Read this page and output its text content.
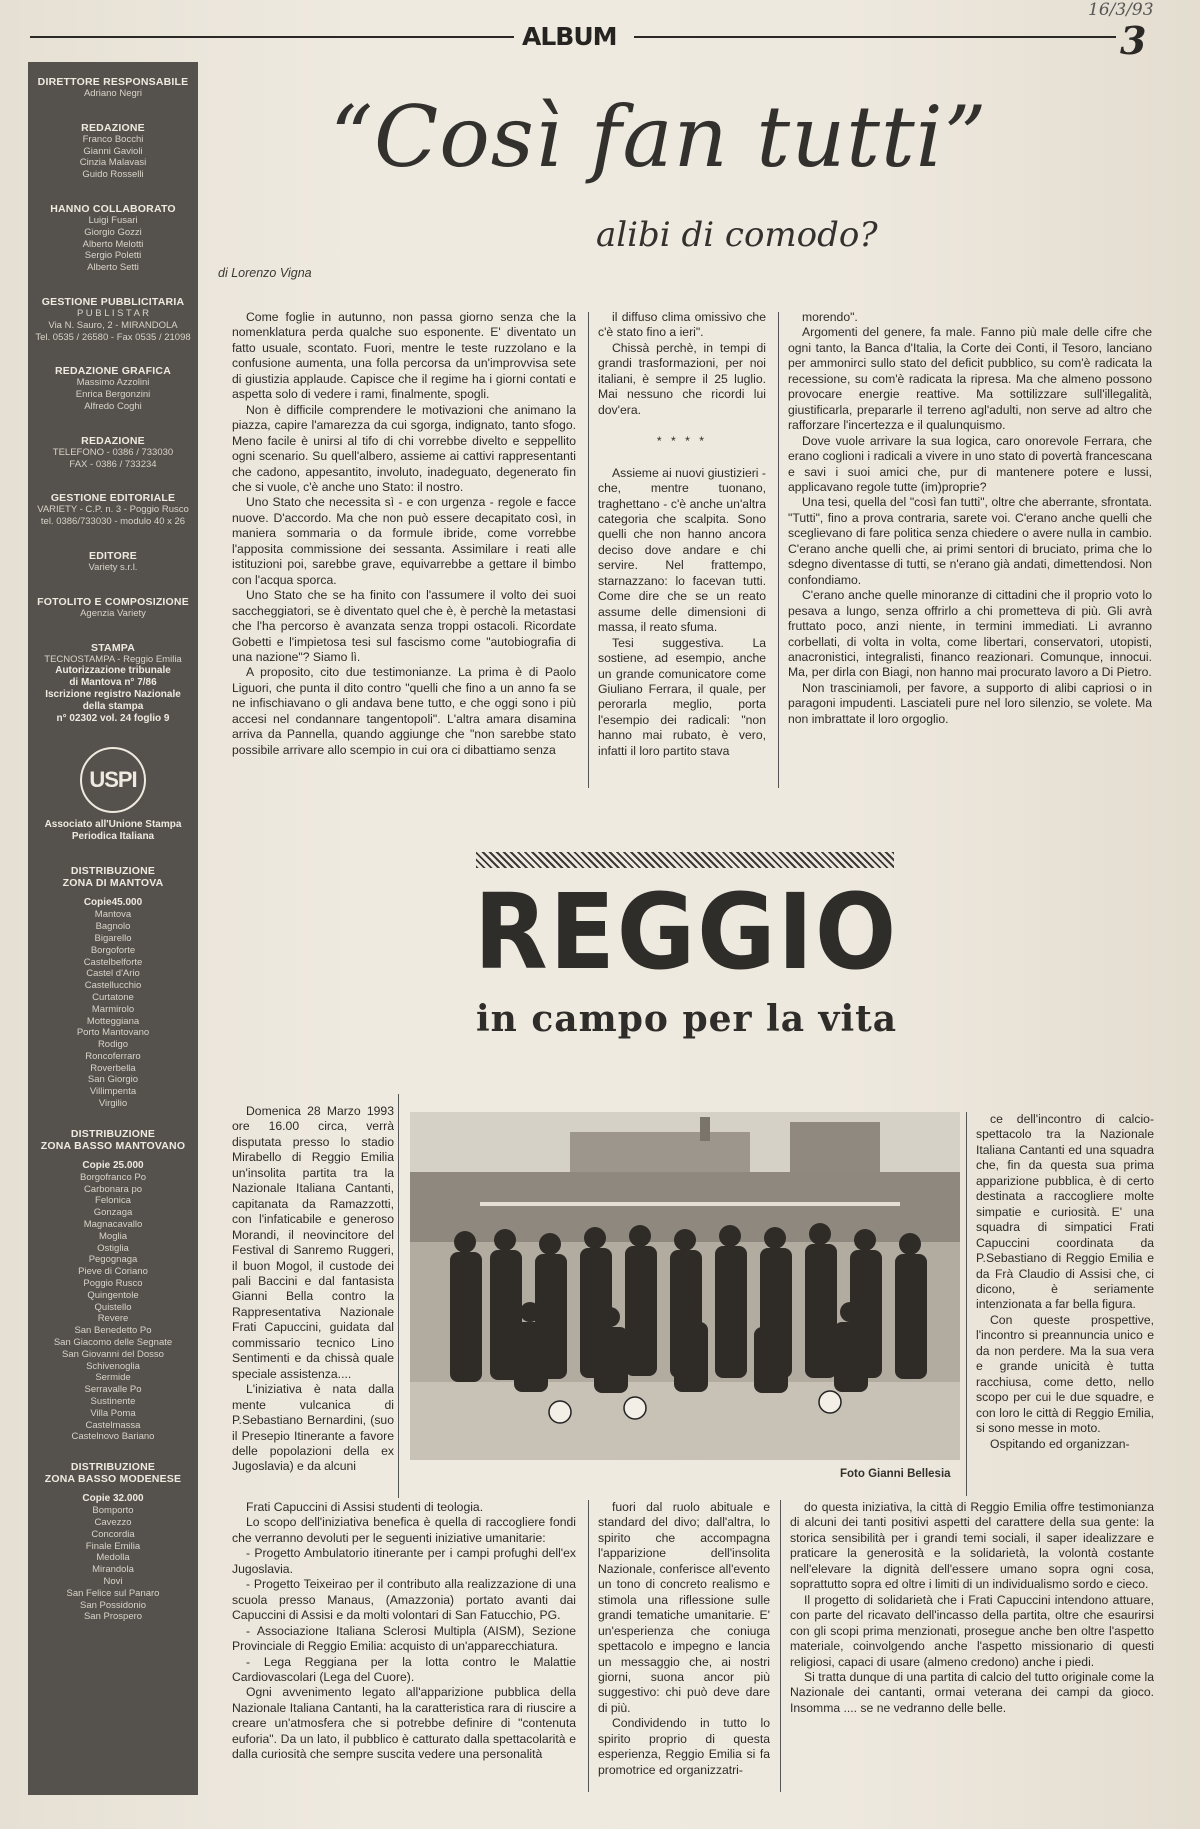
16/3/93
ALBUM	3
DIRETTORE RESPONSABILE
Adriano Negri
REDAZIONE
Franco Bocchi
Gianni Gavioli
Cinzia Malavasi
Guido Rosselli
HANNO COLLABORATO
Luigi Fusari
Giorgio Gozzi
Alberto Melotti
Sergio Poletti
Alberto Setti
GESTIONE PUBBLICITARIA
P U B L I S T A R
Via N. Sauro, 2 - MIRANDOLA
Tel. 0535 / 26580 - Fax 0535 / 21098
REDAZIONE GRAFICA
Massimo Azzolini
Enrica Bergonzini
Alfredo Coghi
REDAZIONE
TELEFONO - 0386 / 733030
FAX - 0386 / 733234
GESTIONE EDITORIALE
VARIETY - C.P. n. 3 - Poggio Rusco
tel. 0386/733030 - modulo 40 x 26
EDITORE
Variety s.r.l.
FOTOLITO E COMPOSIZIONE
Agenzia Variety
STAMPA
TECNOSTAMPA - Reggio Emilia
Autorizzazione tribunale
di Mantova n° 7/86
Iscrizione registro Nazionale
della stampa
n° 02302 vol. 24 foglio 9
USPI
Associato all'Unione Stampa
Periodica Italiana
DISTRIBUZIONE
ZONA DI MANTOVA
Copie45.000
Mantova
Bagnolo
Bigarello
Borgoforte
Castelbelforte
Castel d'Ario
Castellucchio
Curtatone
Marmirolo
Motteggiana
Porto Mantovano
Rodigo
Roncoferraro
Roverbella
San Giorgio
Villimpenta
Virgilio
DISTRIBUZIONE
ZONA BASSO MANTOVANO
Copie 25.000
Borgofranco Po
Carbonara po
Felonica
Gonzaga
Magnacavallo
Moglia
Ostiglia
Pegognaga
Pieve di Coriano
Poggio Rusco
Quingentole
Quistello
Revere
San Benedetto Po
San Giacomo delle Segnate
San Giovanni del Dosso
Schivenoglia
Sermide
Serravalle Po
Sustinente
Villa Poma
Castelmassa
Castelnovo Bariano
DISTRIBUZIONE
ZONA BASSO MODENESE
Copie 32.000
Bomporto
Cavezzo
Concordia
Finale Emilia
Medolla
Mirandola
Novi
San Felice sul Panaro
San Possidonio
San Prospero
“Così fan tutti”
alibi di comodo?
di Lorenzo Vigna

Come foglie in autunno, non passa giorno senza che la nomenklatura perda qualche suo esponente. E' diventato un fatto usuale, scontato. Fuori, mentre le teste ruzzolano e la confusione aumenta, una folla percorsa da un'improvvisa sete di giustizia applaude. Capisce che il regime ha i giorni contati e aspetta solo di vedere i rami, finalmente, spogli.

Non è difficile comprendere le motivazioni che animano la piazza, capire l'amarezza da cui sgorga, indignato, tanto sfogo. Meno facile è unirsi al tifo di chi vorrebbe divelto e seppellito ogni scenario. Su quell'albero, assieme ai cattivi rappresentanti che cadono, appesantito, involuto, inadeguato, degenerato fin che si vuole, c'è anche uno Stato: il nostro.

Uno Stato che necessita sì - e con urgenza - regole e facce nuove. D'accordo. Ma che non può essere decapitato così, in maniera sommaria o da formule ibride, come vorrebbe l'apposita commissione dei sessanta. Assimilare i reati alle istituzioni poi, sarebbe grave, equivarrebbe a gettare il bimbo con l'acqua sporca.

Uno Stato che se ha finito con l'assumere il volto dei suoi saccheggiatori, se è diventato quel che è, è perchè la metastasi che l'ha percorso è avanzata senza troppi ostacoli. Ricordate Gobetti e l'impietosa tesi sul fascismo come "autobiografia di una nazione"? Siamo lì.

A proposito, cito due testimonianze. La prima è di Paolo Liguori, che punta il dito contro "quelli che fino a un anno fa se ne infischiavano o gli andava bene tutto, e che oggi sono i più accesi nel condannare tangentopoli". L'altra amara disamina arriva da Pannella, quando aggiunge che "non sarebbe stato possibile arrivare allo scempio in cui ora ci dibattiamo senza

il diffuso clima omissivo che c'è stato fino a ieri".

Chissà perchè, in tempi di grandi trasformazioni, per noi italiani, è sempre il 25 luglio. Mai nessuno che ricordi lui dov'era.

* * * *

Assieme ai nuovi giustizieri - che, mentre tuonano, traghettano - c'è anche un'altra categoria che scalpita. Sono quelli che non hanno ancora deciso dove andare e chi servire. Nel frattempo, starnazzano: lo facevan tutti. Come dire che se un reato assume delle dimensioni di massa, il reato sfuma.

Tesi suggestiva. La sostiene, ad esempio, anche un grande comunicatore come Giuliano Ferrara, il quale, per perorarla meglio, porta l'esempio dei radicali: "non hanno mai rubato, è vero, infatti il loro partito stava

morendo".

Argomenti del genere, fa male. Fanno più male delle cifre che ogni tanto, la Banca d'Italia, la Corte dei Conti, il Tesoro, lanciano per ammonirci sullo stato del deficit pubblico, su com'è radicata la recessione, su com'è radicata la ripresa. Ma che almeno possono provocare energie reattive. Ma sottilizzare sull'illegalità, giustificarla, prepararle il terreno agl'adulti, non serve ad altro che rafforzare l'incertezza e il qualunquismo.

Dove vuole arrivare la sua logica, caro onorevole Ferrara, che erano coglioni i radicali a vivere in uno stato di povertà francescana e savi i suoi amici che, pur di mantenere potere e lussi, applicavano regole tutte (im)proprie?

Una tesi, quella del "così fan tutti", oltre che aberrante, sfrontata. "Tutti", fino a prova contraria, sarete voi. C'erano anche quelli che sceglievano di fare politica senza chiedere o avere nulla in cambio. C'erano anche quelli che, ai primi sentori di bruciato, prima che lo sdegno diventasse di tutti, se n'erano già andati, dimettendosi. Non confondiamo.

C'erano anche quelle minoranze di cittadini che il proprio voto lo pesava a lungo, senza offrirlo a chi prometteva di più. Gli avrà fruttato poco, anzi niente, in termini immediati. Li avranno corbellati, di volta in volta, come libertari, conservatori, utopisti, anacronistici, integralisti, financo reazionari. Comunque, innocui. Ma, per dirla con Biagi, non hanno mai procurato lavoro a Di Pietro.

Non trasciniamoli, per favore, a supporto di alibi capriosi o in paragoni impudenti. Lasciateli pure nel loro silenzio, se volete. Ma non imbrattate il loro orgoglio.

REGGIO
in campo per la vita

Domenica 28 Marzo 1993 ore 16.00 circa, verrà disputata presso lo stadio Mirabello di Reggio Emilia un'insolita partita tra la Nazionale Italiana Cantanti, capitanata da Ramazzotti, con l'infaticabile e generoso Morandi, il neovincitore del Festival di Sanremo Ruggeri, il buon Mogol, il custode dei pali Baccini e dal fantasista Gianni Bella contro la Rappresentativa Nazionale Frati Capuccini, guidata dal commissario tecnico Lino Sentimenti e da chissà quale speciale assistenza....

L'iniziativa è nata dalla mente vulcanica di P.Sebastiano Bernardini, (suo il Presepio Itinerante a favore delle popolazioni della ex Jugoslavia) e da alcuni

Foto Gianni Bellesia

ce dell'incontro di calcio-spettacolo tra la Nazionale Italiana Cantanti ed una squadra che, fin da questa sua prima apparizione pubblica, è di certo destinata a raccogliere molte simpatie e curiosità. E' una squadra di simpatici Frati Capuccini coordinata da P.Sebastiano di Reggio Emilia e da Frà Claudio di Assisi che, ci dicono, è seriamente intenzionata a far bella figura.

Con queste prospettive, l'incontro si preannuncia unico e da non perdere. Ma la sua vera e grande unicità è tutta racchiusa, come detto, nello scopo per cui le due squadre, e con loro le città di Reggio Emilia, si sono messe in moto.

Ospitando ed organizzan-

Frati Capuccini di Assisi studenti di teologia.

Lo scopo dell'iniziativa benefica è quella di raccogliere fondi che verranno devoluti per le seguenti iniziative umanitarie:

- Progetto Ambulatorio itinerante per i campi profughi dell'ex Jugoslavia.

- Progetto Teixeirao per il contributo alla realizzazione di una scuola presso Manaus, (Amazzonia) portato avanti dai Capuccini di Assisi e da molti volontari di San Fatucchio, PG.

- Associazione Italiana Sclerosi Multipla (AISM), Sezione Provinciale di Reggio Emilia: acquisto di un'apparecchiatura.

- Lega Reggiana per la lotta contro le Malattie Cardiovascolari (Lega del Cuore).

Ogni avvenimento legato all'apparizione pubblica della Nazionale Italiana Cantanti, ha la caratteristica rara di riuscire a creare un'atmosfera che si potrebbe definire di "contenuta euforia". Da un lato, il pubblico è catturato dalla spettacolarità e dalla curiosità che sempre suscita vedere una personalità

fuori dal ruolo abituale e standard del divo; dall'altra, lo spirito che accompagna l'apparizione dell'insolita Nazionale, conferisce all'evento un tono di concreto realismo e stimola una riflessione sulle grandi tematiche umanitarie. E' un'esperienza che coniuga spettacolo e impegno e lancia un messaggio che, ai nostri giorni, suona ancor più suggestivo: chi può deve dare di più.

Condividendo in tutto lo spirito proprio di questa esperienza, Reggio Emilia si fa promotrice ed organizzatri-

do questa iniziativa, la città di Reggio Emilia offre testimonianza di alcuni dei tanti positivi aspetti del carattere della sua gente: la storica sensibilità per i grandi temi sociali, il saper idealizzare e praticare la generosità e la solidarietà, la volontà costante nell'elevare la dignità dell'essere umano sopra ogni cosa, soprattutto sopra ed oltre i limiti di un individualismo sordo e cieco.

Il progetto di solidarietà che i Frati Capuccini intendono attuare, con parte del ricavato dell'incasso della partita, oltre che esaurirsi con gli scopi prima menzionati, prosegue anche ben oltre l'aspetto materiale, coinvolgendo anche l'aspetto missionario di questi religiosi, capaci di usare (almeno credono) anche i piedi.

Si tratta dunque di una partita di calcio del tutto originale come la Nazionale dei cantanti, ormai veterana dei campi da gioco. Insomma .... se ne vedranno delle belle.
